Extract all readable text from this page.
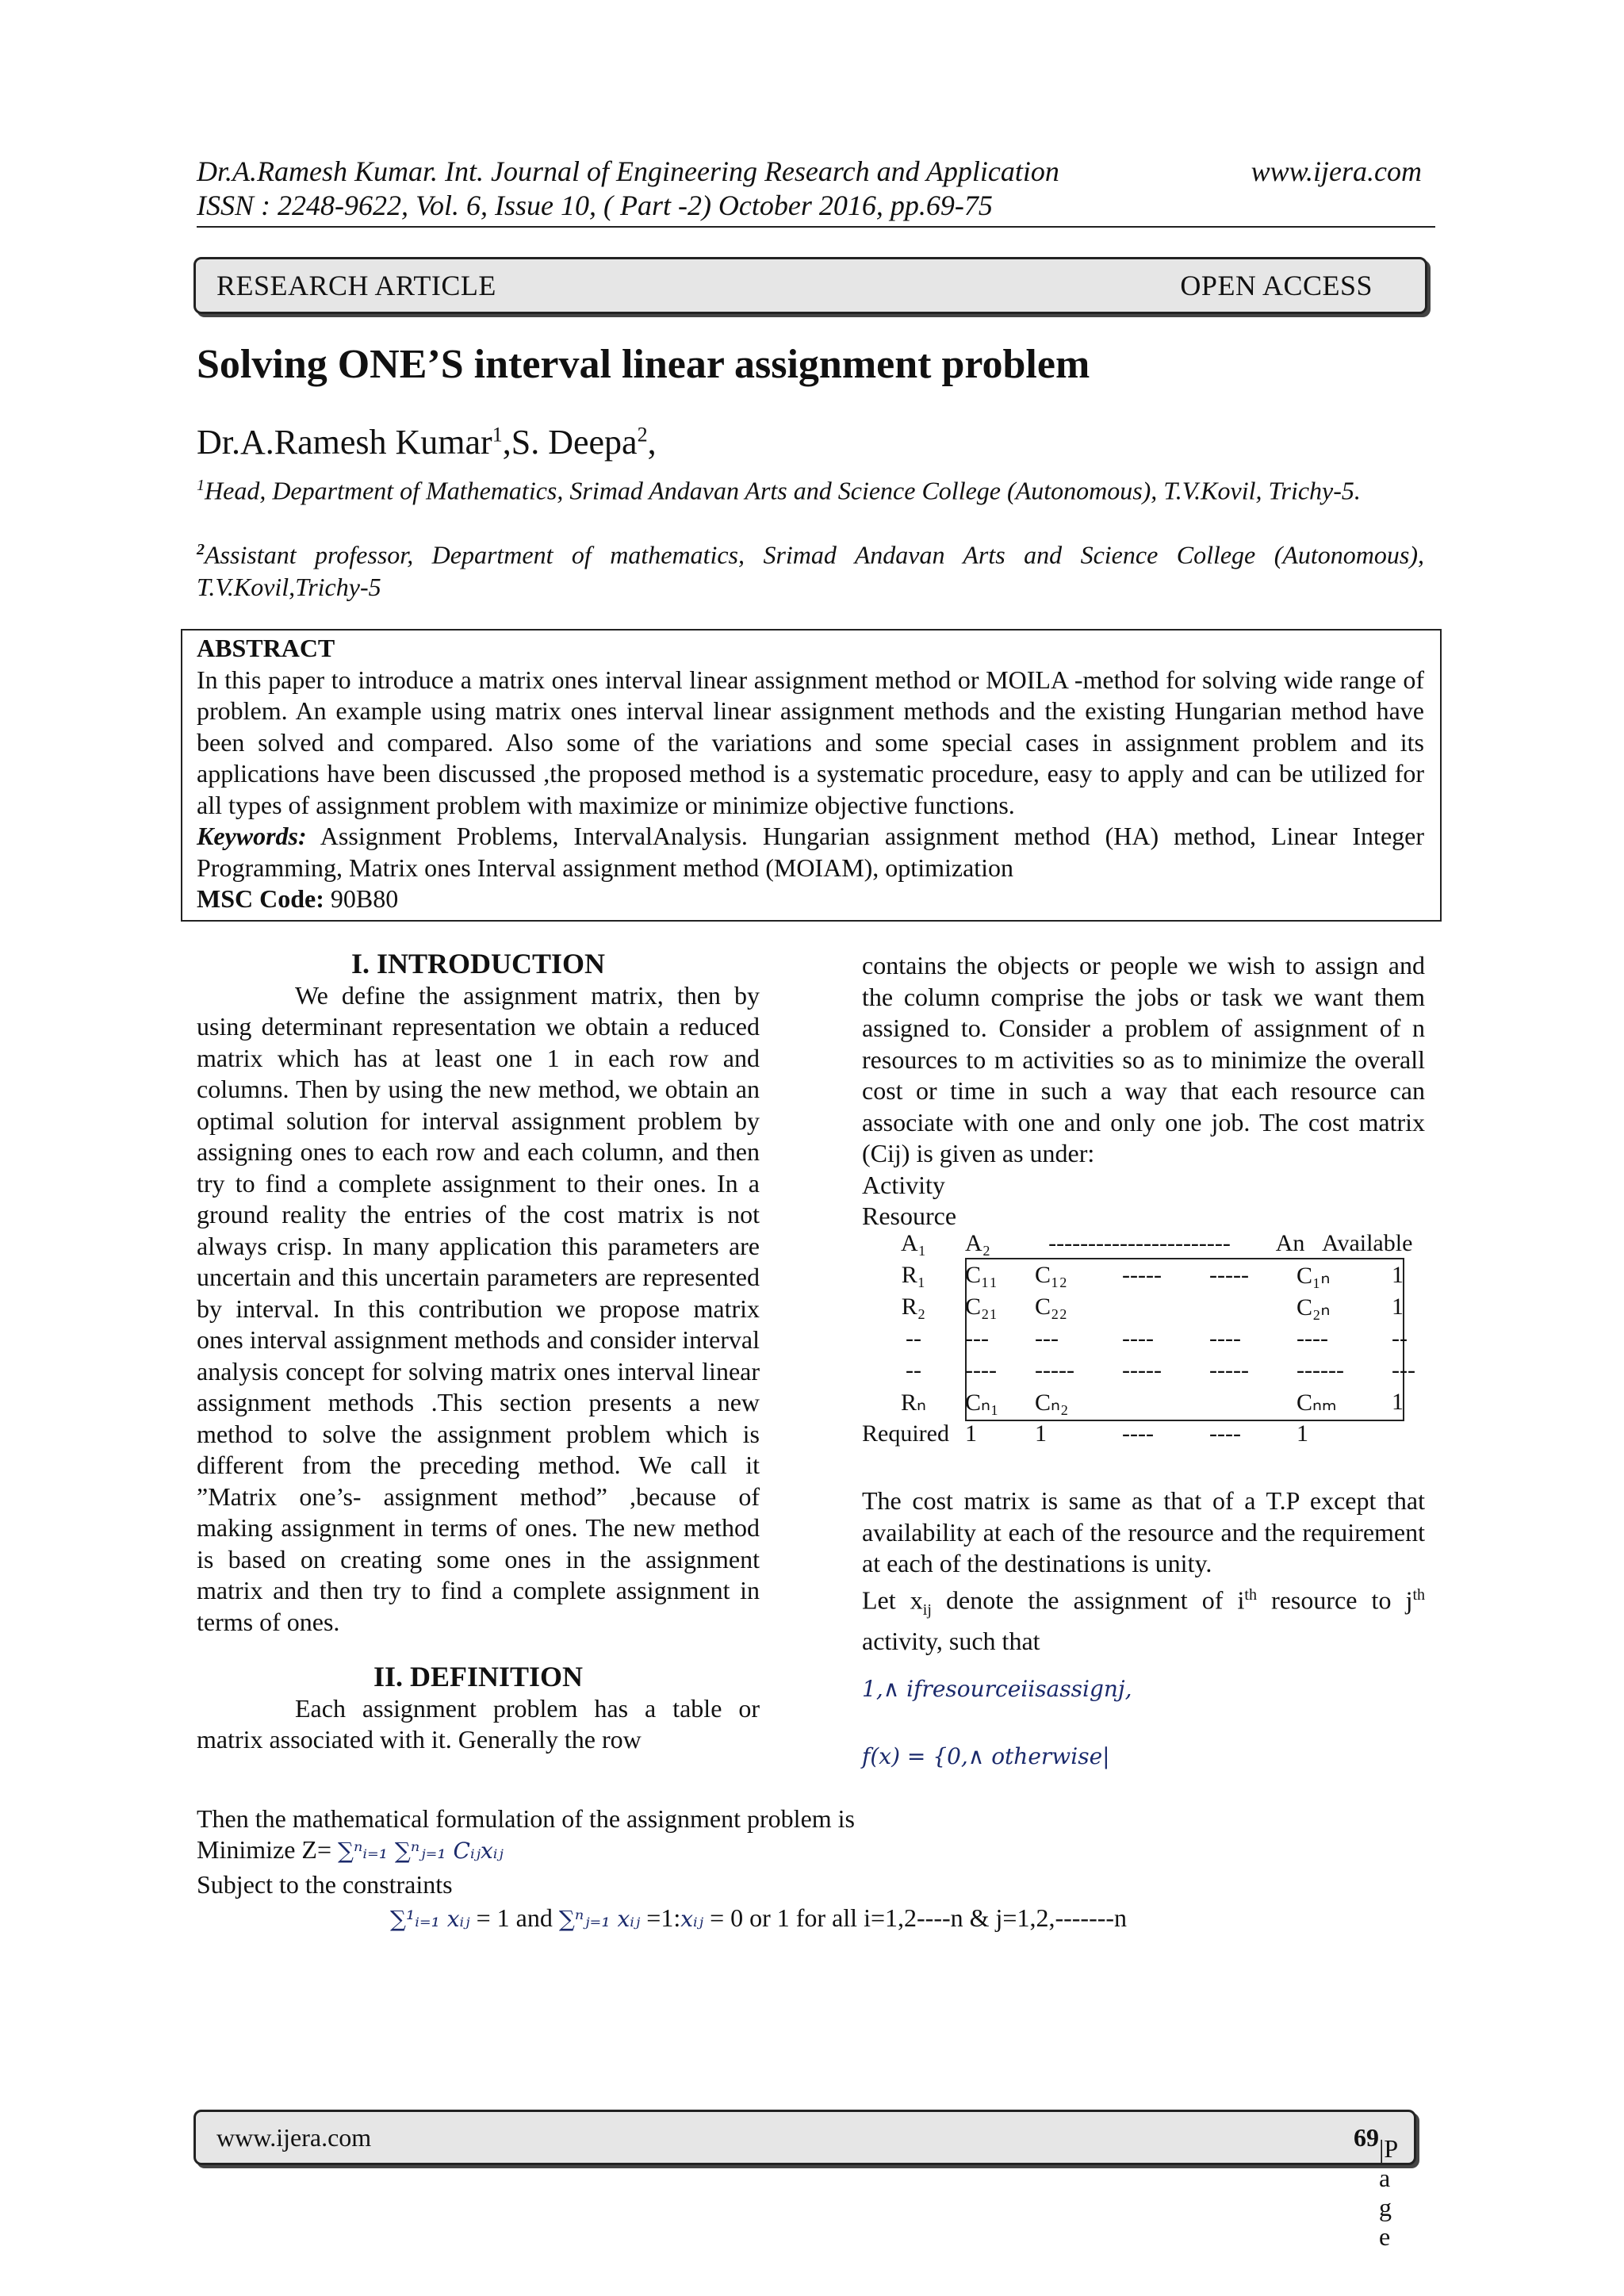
Dr.A.Ramesh Kumar. Int. Journal of Engineering Research and Application
ISSN : 2248-9622, Vol. 6, Issue 10, ( Part -2) October 2016, pp.69-75
www.ijera.com
RESEARCH ARTICLE	OPEN ACCESS
Solving ONE’S interval linear assignment problem
Dr.A.Ramesh Kumar$^1$,S. Deepa$^2$,
$^1$Head, Department of Mathematics, Srimad Andavan Arts and Science College (Autonomous), T.V.Kovil, Trichy-5.
$^2$Assistant professor, Department of mathematics, Srimad Andavan Arts and Science College (Autonomous), T.V.Kovil,Trichy-5
ABSTRACT
In this paper to introduce a matrix ones interval linear assignment method or MOILA -method for solving wide range of problem. An example using matrix ones interval linear assignment methods and the existing Hungarian method have been solved and compared. Also some of the variations and some special cases in assignment problem and its applications have been discussed ,the proposed method is a systematic procedure, easy to apply and can be utilized for all types of assignment problem with maximize or minimize objective functions.
Keywords: Assignment Problems, IntervalAnalysis. Hungarian assignment method (HA) method, Linear Integer Programming, Matrix ones Interval assignment method (MOIAM), optimization
MSC Code: 90B80
I. INTRODUCTION

We define the assignment matrix, then by using determinant representation we obtain a reduced matrix which has at least one 1 in each row and columns. Then by using the new method, we obtain an optimal solution for interval assignment problem by assigning ones to each row and each column, and then try to find a complete assignment to their ones. In a ground reality the entries of the cost matrix is not always crisp. In many application this parameters are uncertain and this uncertain parameters are represented by interval. In this contribution we propose matrix ones interval assignment methods and consider interval analysis concept for solving matrix ones interval linear assignment methods .This section presents a new method to solve the assignment problem which is different from the preceding method. We call it ”Matrix one’s- assignment method” ,because of making assignment in terms of ones. The new method is based on creating some ones in the assignment matrix and then try to find a complete assignment in terms of ones.

II. DEFINITION

Each assignment problem has a table or matrix associated with it. Generally the row

contains the objects or people we wish to assign and the column comprise the jobs or task we want them assigned to. Consider a problem of assignment of n resources to m activities so as to minimize the overall cost or time in such a way that each resource can associate with one and only one job. The cost matrix (Cij) is given as under:

Activity
Resource
A₁	A₂	-----------------------	An	Available
R₁	C₁₁	C₁₂	-----	-----	C₁ₙ	1
R₂	C₂₁	C₂₂			C₂ₙ	1
--	---	---	----	----	----	--
--	----	-----	-----	-----	------	---
Rₙ	Cₙ₁	Cₙ₂			Cₙₘ	1
Required	1	1	----	----	1	

The cost matrix is same as that of a T.P except that availability at each of the resource and the requirement at each of the destinations is unity.

Let $x_{ij}$ denote the assignment of $i^{th}$ resource to $j^{th}$ activity, such that

1,∧ ifresourceiisassignj,
f(x) = {0,∧ otherwise|
Then the mathematical formulation of the assignment problem is
Minimize Z= ∑ⁿᵢ₌₁ ∑ⁿⱼ₌₁ Cᵢⱼxᵢⱼ
Subject to the constraints
∑¹ᵢ₌₁ xᵢⱼ = 1 and ∑ⁿⱼ₌₁ xᵢⱼ =1:xᵢⱼ = 0 or 1 for all i=1,2----n & j=1,2,-------n
www.ijera.com	69 |P a g e
